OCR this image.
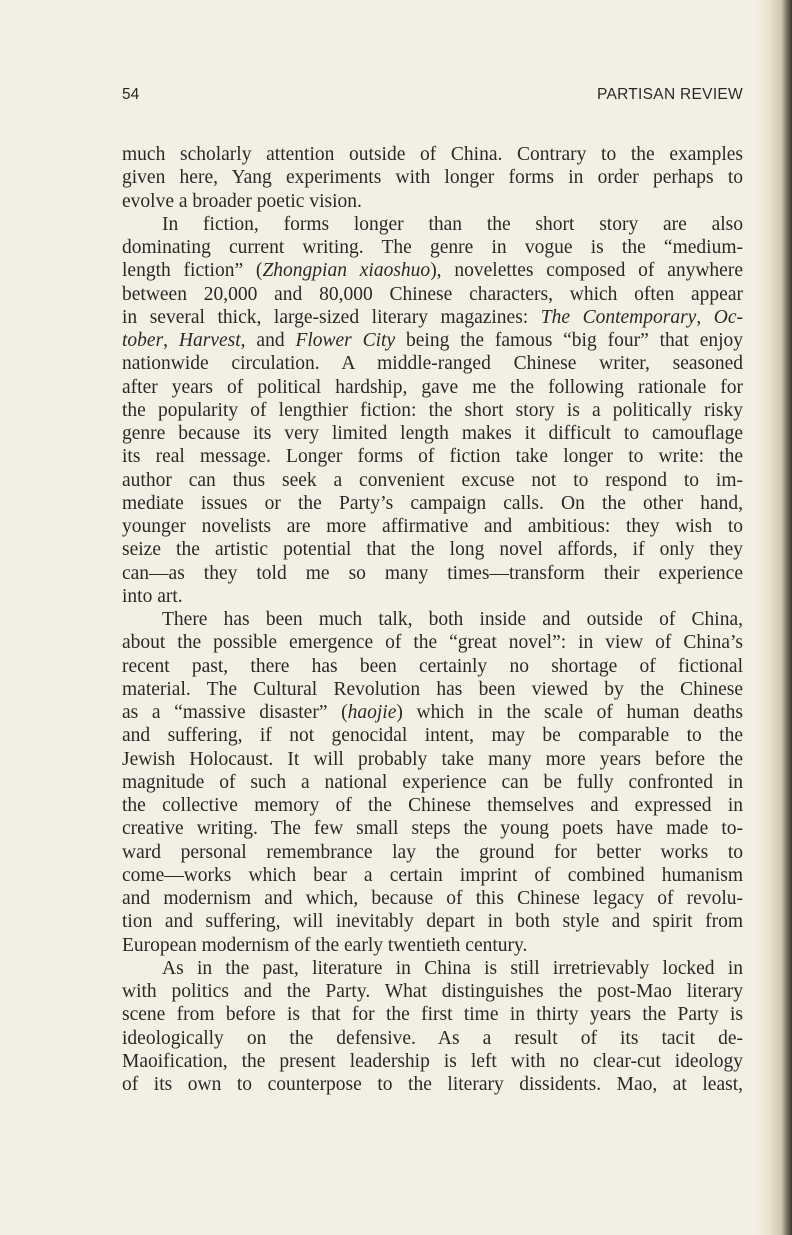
54	PARTISAN REVIEW
much scholarly attention outside of China. Contrary to the examples
given here, Yang experiments with longer forms in order perhaps to
evolve a broader poetic vision.
In fiction, forms longer than the short story are also
dominating current writing. The genre in vogue is the “medium-
length fiction” (Zhongpian xiaoshuo), novelettes composed of anywhere
between 20,000 and 80,000 Chinese characters, which often appear
in several thick, large-sized literary magazines: The Contemporary, Oc-
tober, Harvest, and Flower City being the famous “big four” that enjoy
nationwide circulation. A middle-ranged Chinese writer, seasoned
after years of political hardship, gave me the following rationale for
the popularity of lengthier fiction: the short story is a politically risky
genre because its very limited length makes it difficult to camouflage
its real message. Longer forms of fiction take longer to write: the
author can thus seek a convenient excuse not to respond to im-
mediate issues or the Party’s campaign calls. On the other hand,
younger novelists are more affirmative and ambitious: they wish to
seize the artistic potential that the long novel affords, if only they
can—as they told me so many times—transform their experience
into art.
There has been much talk, both inside and outside of China,
about the possible emergence of the “great novel”: in view of China’s
recent past, there has been certainly no shortage of fictional
material. The Cultural Revolution has been viewed by the Chinese
as a “massive disaster” (haojie) which in the scale of human deaths
and suffering, if not genocidal intent, may be comparable to the
Jewish Holocaust. It will probably take many more years before the
magnitude of such a national experience can be fully confronted in
the collective memory of the Chinese themselves and expressed in
creative writing. The few small steps the young poets have made to-
ward personal remembrance lay the ground for better works to
come—works which bear a certain imprint of combined humanism
and modernism and which, because of this Chinese legacy of revolu-
tion and suffering, will inevitably depart in both style and spirit from
European modernism of the early twentieth century.
As in the past, literature in China is still irretrievably locked in
with politics and the Party. What distinguishes the post-Mao literary
scene from before is that for the first time in thirty years the Party is
ideologically on the defensive. As a result of its tacit de-
Maoification, the present leadership is left with no clear-cut ideology
of its own to counterpose to the literary dissidents. Mao, at least,
